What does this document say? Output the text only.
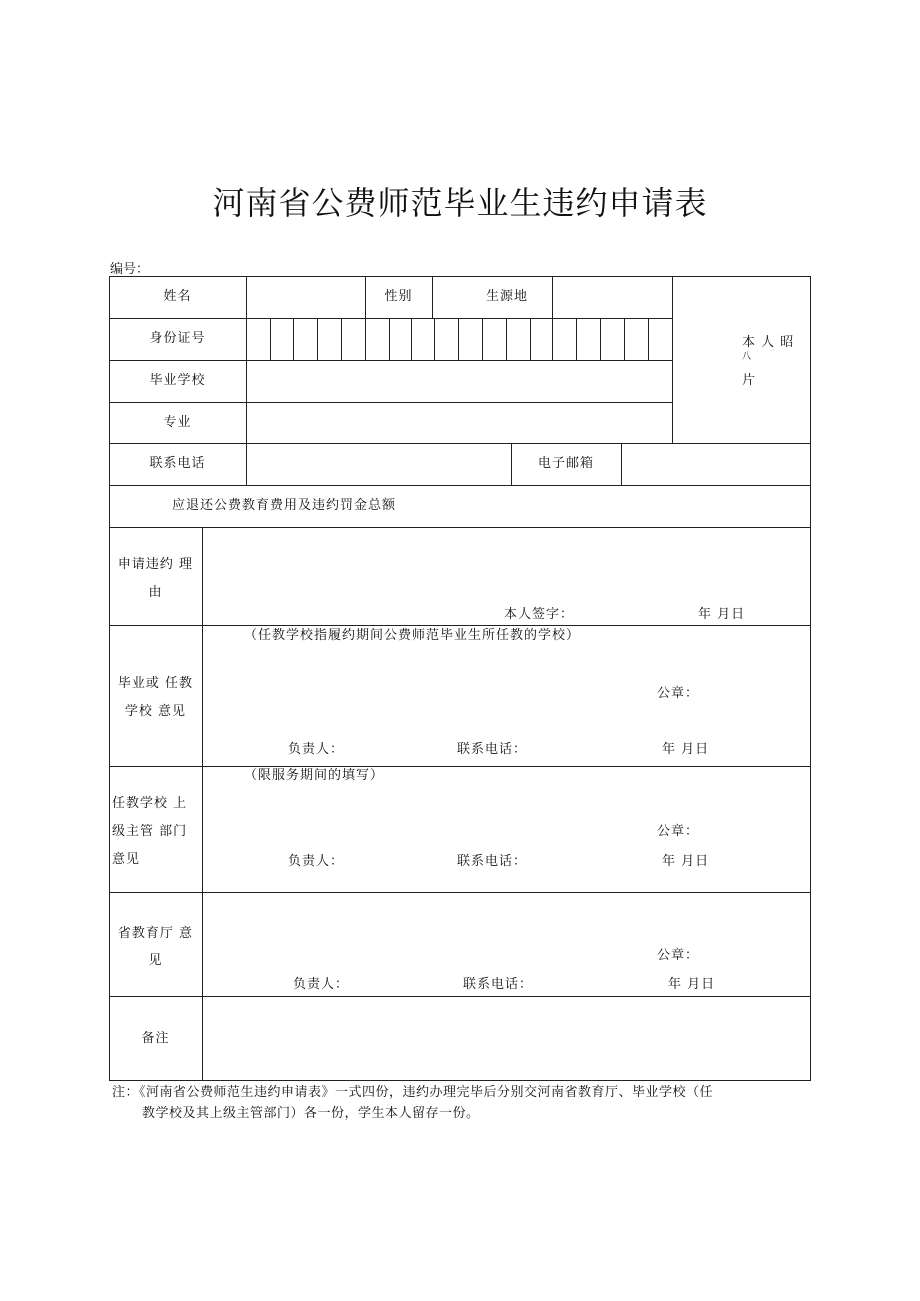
河南省公费师范毕业生违约申请表
编号：
姓名	性别	生源地
本 人 昭
八
片
身份证号
毕业学校
专业
联系电话	电子邮箱
应退还公费教育费用及违约罚金总额
申请违约 理
由
本人签字：	年 月日
毕业或 任教
学校 意见
（任教学校指履约期间公费师范毕业生所任教的学校）
公章：
负责人：	联系电话：	年 月日
任教学校 上
级主管 部门
意见
（限服务期间的填写）
公章：
负责人：	联系电话：	年 月日
省教育厅 意
见	公章：
负责人：	联系电话：	年 月日
备注
注：《河南省公费师范生违约申请表》一式四份，违约办理完毕后分别交河南省教育厅、毕业学校（任
教学校及其上级主管部门）各一份，学生本人留存一份。
